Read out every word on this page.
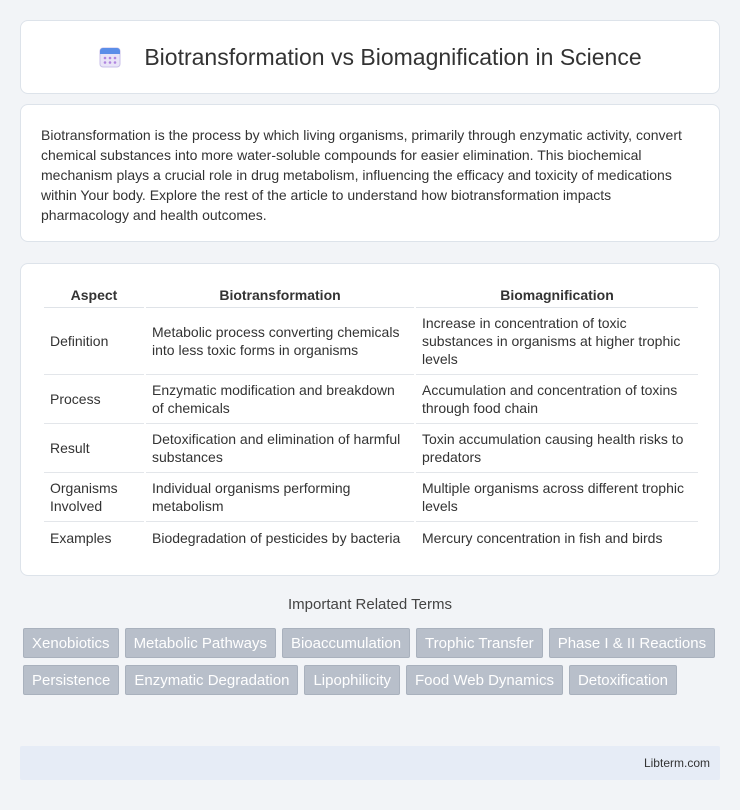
Biotransformation vs Biomagnification in Science

Biotransformation is the process by which living organisms, primarily through enzymatic activity, convert chemical substances into more water-soluble compounds for easier elimination. This biochemical mechanism plays a crucial role in drug metabolism, influencing the efficacy and toxicity of medications within Your body. Explore the rest of the article to understand how biotransformation impacts pharmacology and health outcomes.

Aspect	Biotransformation	Biomagnification
Definition	Metabolic process converting chemicals into less toxic forms in organisms	Increase in concentration of toxic substances in organisms at higher trophic levels
Process	Enzymatic modification and breakdown of chemicals	Accumulation and concentration of toxins through food chain
Result	Detoxification and elimination of harmful substances	Toxin accumulation causing health risks to predators
Organisms Involved	Individual organisms performing metabolism	Multiple organisms across different trophic levels
Examples	Biodegradation of pesticides by bacteria	Mercury concentration in fish and birds
Important Related Terms
Xenobiotics	Metabolic Pathways	Bioaccumulation	Trophic Transfer	Phase I & II Reactions
Persistence	Enzymatic Degradation	Lipophilicity	Food Web Dynamics	Detoxification
Libterm.com
